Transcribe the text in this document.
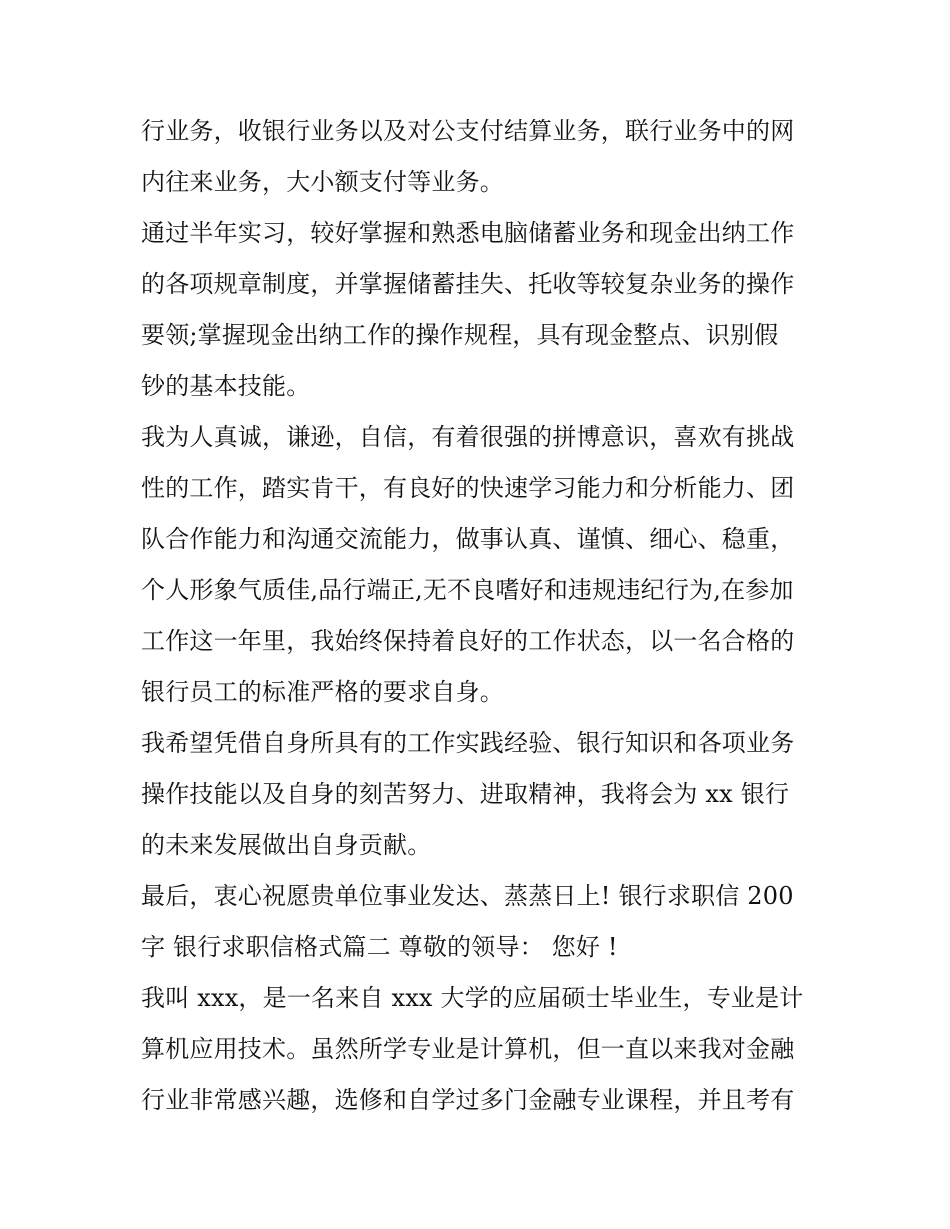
行业务，收银行业务以及对公支付结算业务，联行业务中的网
内往来业务，大小额支付等业务。
通过半年实习，较好掌握和熟悉电脑储蓄业务和现金出纳工作
的各项规章制度，并掌握储蓄挂失、托收等较复杂业务的操作
要领;掌握现金出纳工作的操作规程，具有现金整点、识别假
钞的基本技能。
我为人真诚，谦逊，自信，有着很强的拼博意识，喜欢有挑战
性的工作，踏实肯干，有良好的快速学习能力和分析能力、团
队合作能力和沟通交流能力，做事认真、谨慎、细心、稳重，
个人形象气质佳,品行端正,无不良嗜好和违规违纪行为,在参加
工作这一年里，我始终保持着良好的工作状态，以一名合格的
银行员工的标准严格的要求自身。
我希望凭借自身所具有的工作实践经验、银行知识和各项业务
操作技能以及自身的刻苦努力、进取精神，我将会为 xx 银行
的未来发展做出自身贡献。
最后，衷心祝愿贵单位事业发达、蒸蒸日上! 银行求职信 200
字 银行求职信格式篇二 尊敬的领导： 您好 !
我叫 xxx，是一名来自 xxx 大学的应届硕士毕业生，专业是计
算机应用技术。虽然所学专业是计算机，但一直以来我对金融
行业非常感兴趣，选修和自学过多门金融专业课程，并且考有
